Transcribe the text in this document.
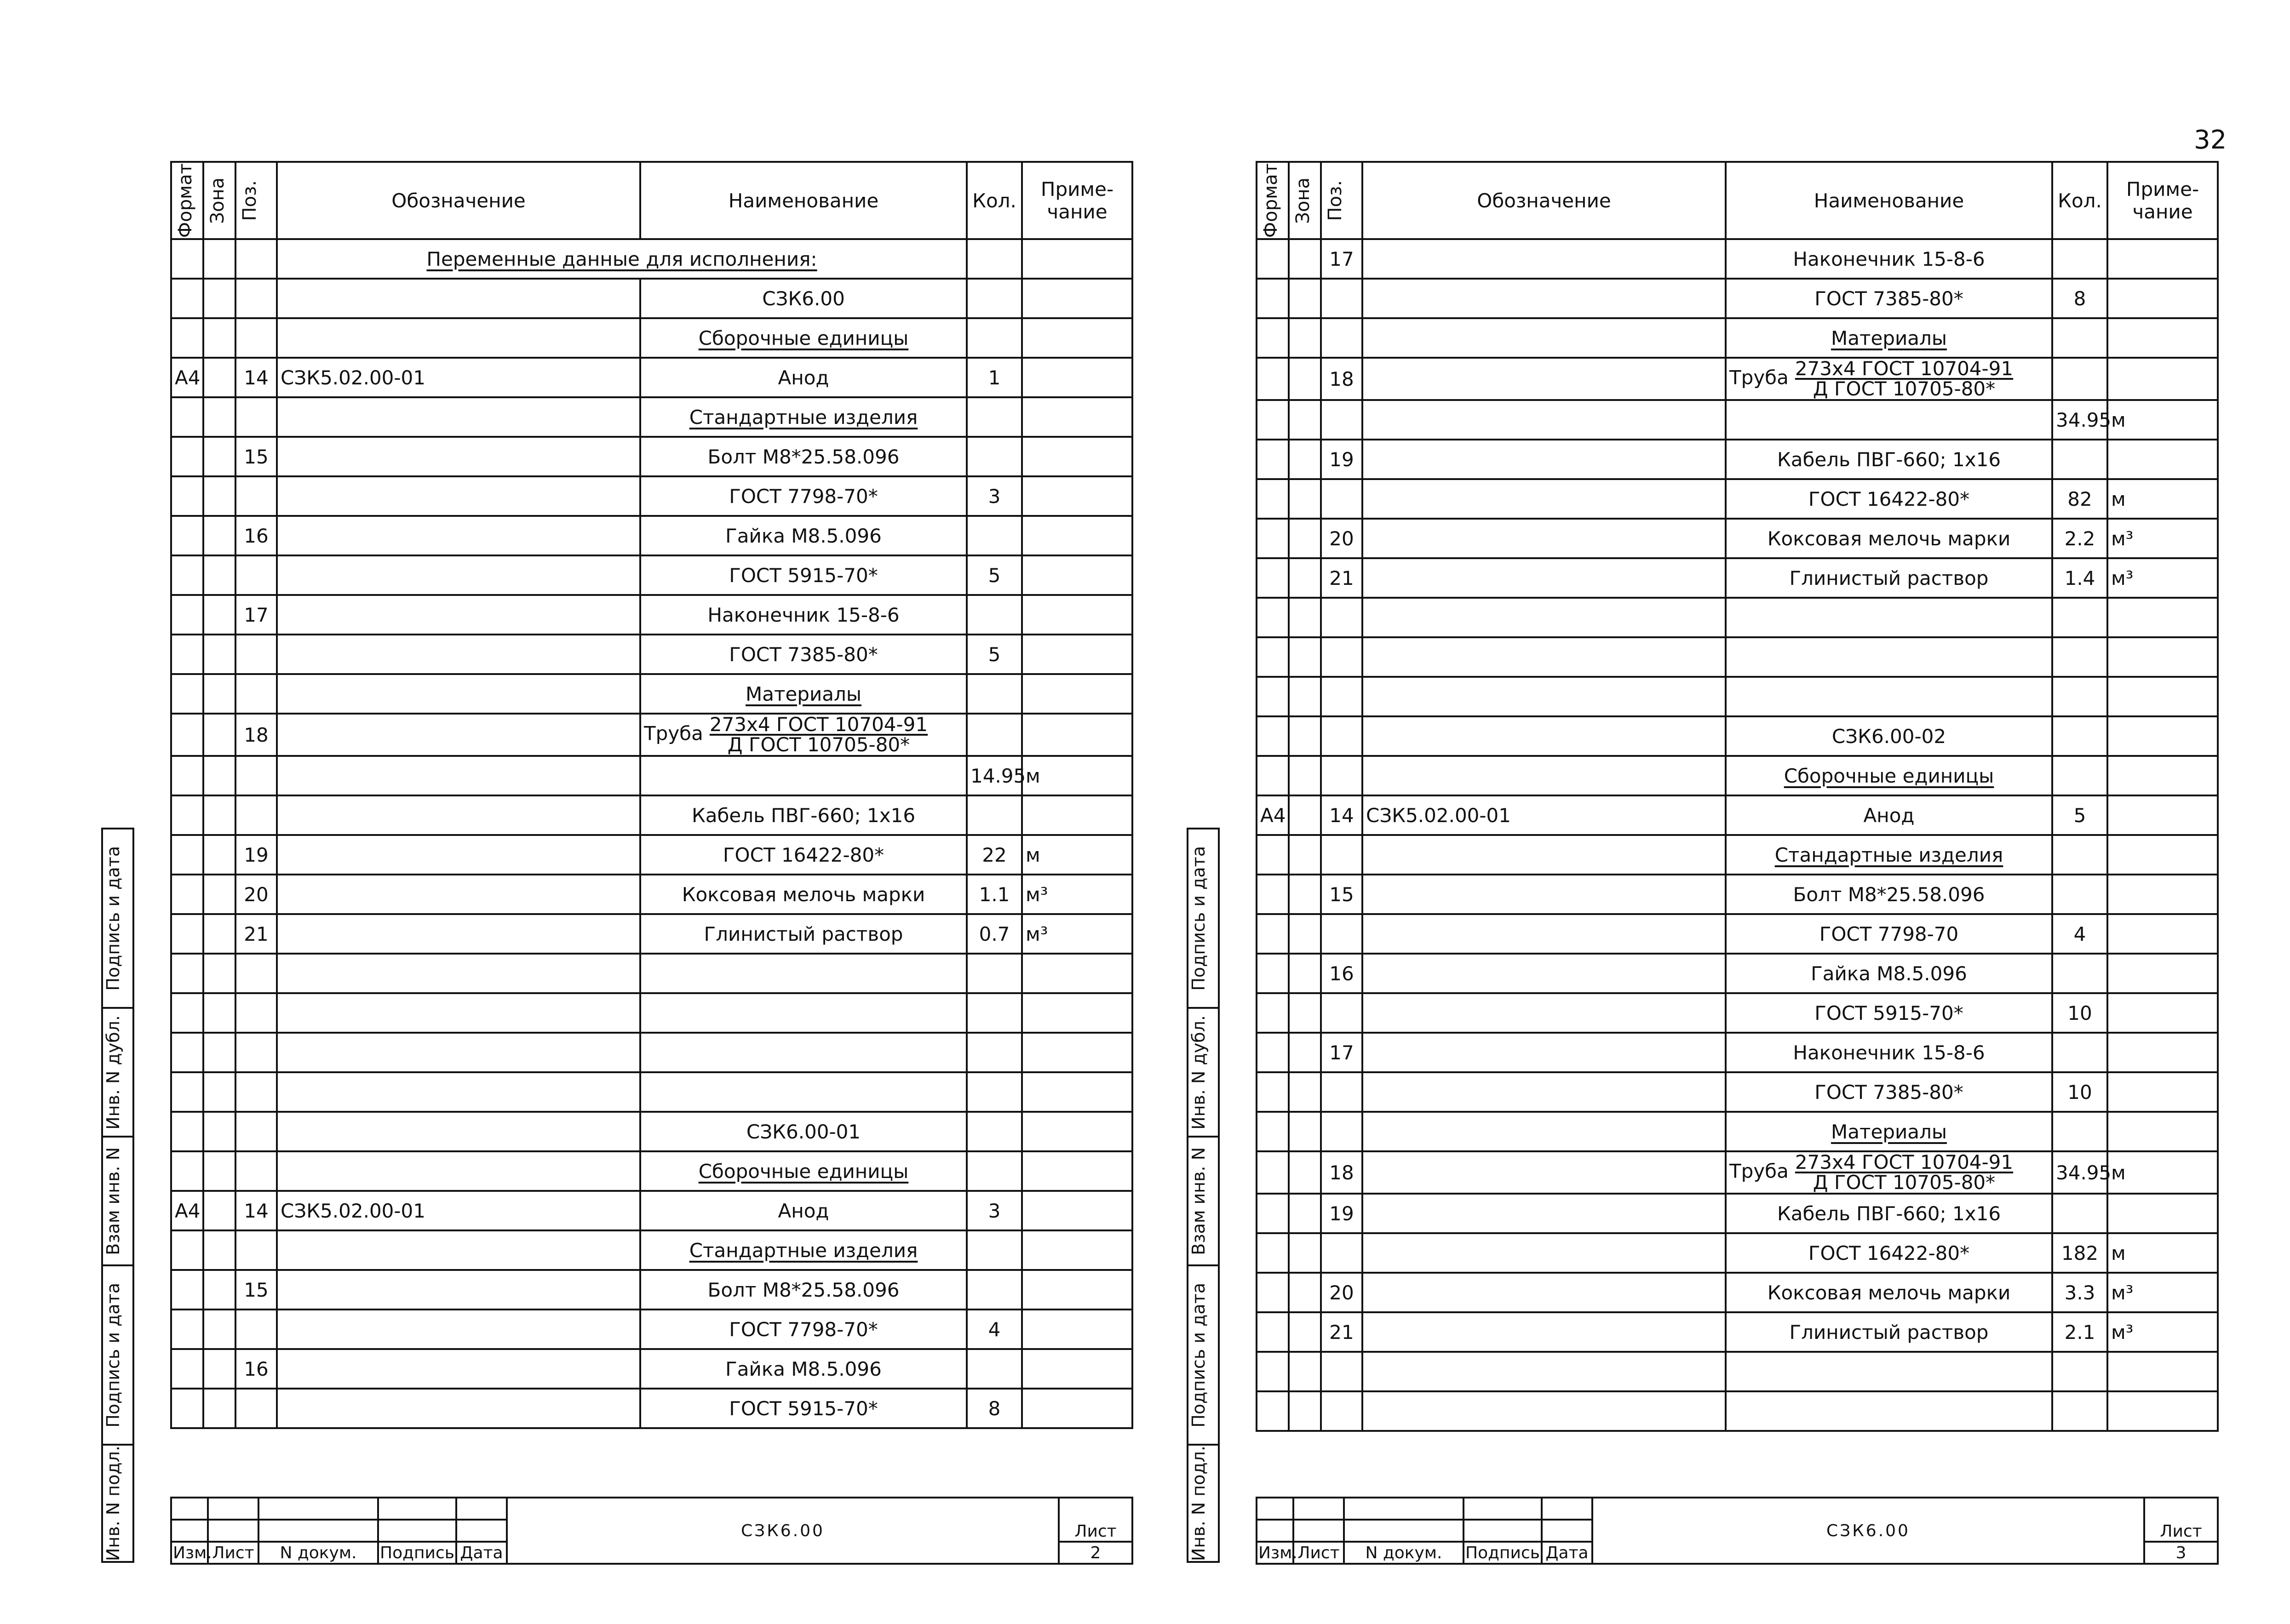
32
Подпись и дата

Инв. N дубл.

Взам инв. N

Подпись и дата

Инв. N подл.
Формат	Зона	Поз.	Обозначение	Наименование	Кол.	Приме-
чание
			Переменные данные для исполнения:			
				СЗК6.00		
				Сборочные единицы		
А4		14	СЗК5.02.00-01	Анод	1	
				Стандартные изделия		
		15		Болт М8*25.58.096		
				ГОСТ 7798-70*	3	
		16		Гайка М8.5.096		
				ГОСТ 5915-70*	5	
		17		Наконечник 15-8-6		
				ГОСТ 7385-80*	5	
				Материалы		
		18		Труба $\frac{\text{273х4 ГОСТ 10704-91}}{\text{Д ГОСТ 10705-80*}}$

					14.95	м
				Кабель ПВГ-660; 1х16		
		19		ГОСТ 16422-80*	22	м
		20		Коксовая мелочь марки	1.1	м³
		21		Глинистый раствор	0.7	м³

				СЗК6.00-01		
				Сборочные единицы		
А4		14	СЗК5.02.00-01	Анод	3	
				Стандартные изделия		
		15		Болт М8*25.58.096		
				ГОСТ 7798-70*	4	
		16		Гайка М8.5.096		
				ГОСТ 5915-70*	8	
					СЗК6.00	Лист

Изм.	Лист	N докум.	Подпись	Дата		2
Подпись и дата

Инв. N дубл.

Взам инв. N

Подпись и дата

Инв. N подл.
Формат	Зона	Поз.	Обозначение	Наименование	Кол.	Приме-
чание
		17		Наконечник 15-8-6		
				ГОСТ 7385-80*	8	
				Материалы		
		18		Труба $\frac{\text{273х4 ГОСТ 10704-91}}{\text{Д ГОСТ 10705-80*}}$

					34.95	м
		19		Кабель ПВГ-660; 1х16		
				ГОСТ 16422-80*	82	м
		20		Коксовая мелочь марки	2.2	м³
		21		Глинистый раствор	1.4	м³

				СЗК6.00-02		
				Сборочные единицы		
А4		14	СЗК5.02.00-01	Анод	5	
				Стандартные изделия		
		15		Болт М8*25.58.096		
				ГОСТ 7798-70	4	
		16		Гайка М8.5.096		
				ГОСТ 5915-70*	10	
		17		Наконечник 15-8-6		
				ГОСТ 7385-80*	10	
				Материалы		
		18		Труба $\frac{\text{273х4 ГОСТ 10704-91}}{\text{Д ГОСТ 10705-80*}}$	34.95	м
		19		Кабель ПВГ-660; 1х16		
				ГОСТ 16422-80*	182	м
		20		Коксовая мелочь марки	3.3	м³
		21		Глинистый раствор	2.1	м³

					СЗК6.00	Лист

Изм.	Лист	N докум.	Подпись	Дата		3
